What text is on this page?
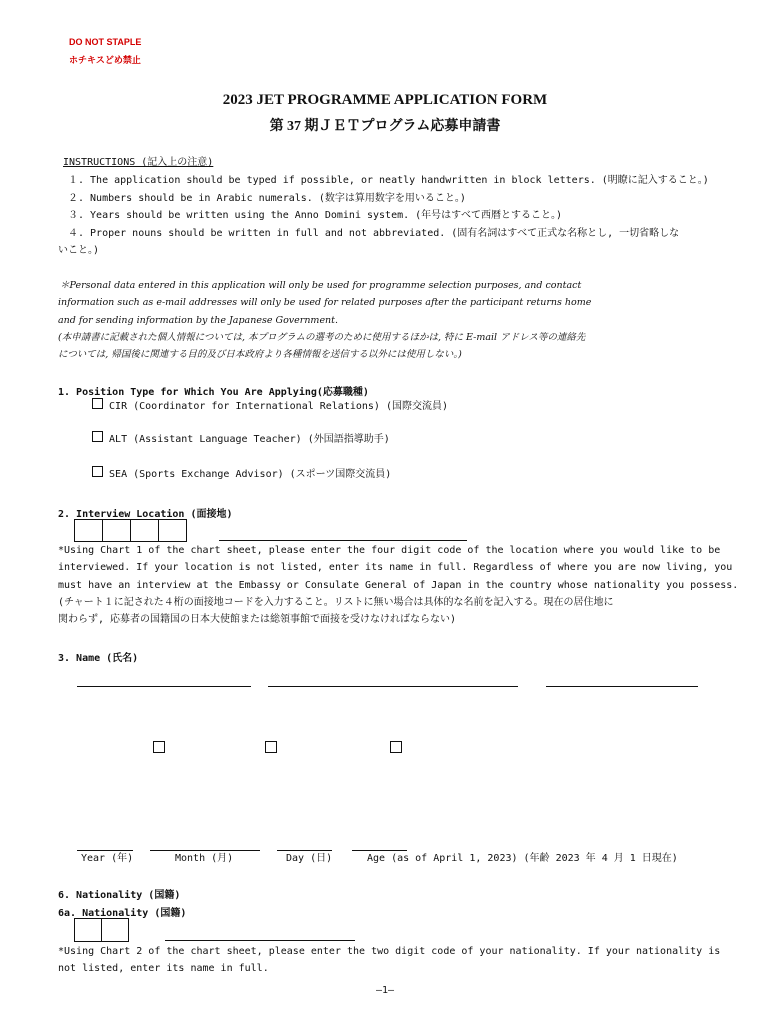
DO NOT STAPLE
ホチキスどめ禁止
2023 JET PROGRAMME APPLICATION FORM
第 37 期ＪＥＴプログラム応募申請書
INSTRUCTIONS (記入上の注意)
１. The application should be typed if possible, or neatly handwritten in block letters. (明瞭に記入すること。)
２. Numbers should be in Arabic numerals. (数字は算用数字を用いること。)
３. Years should be written using the Anno Domini system. (年号はすべて西暦とすること。)
４. Proper nouns should be written in full and not abbreviated. (固有名詞はすべて正式な名称とし, 一切省略しな
いこと。)
＊Personal data entered in this application will only be used for programme selection purposes, and contact
information such as e-mail addresses will only be used for related purposes after the participant returns home
and for sending information by the Japanese Government.
(本申請書に記載された個人情報については, 本プログラムの選考のために使用するほかは, 特に E-mail アドレス等の連絡先
については, 帰国後に関連する目的及び日本政府より各種情報を送信する以外には使用しない。)
1. Position Type for Which You Are Applying(応募職種)
CIR (Coordinator for International Relations) (国際交流員)
ALT (Assistant Language Teacher) (外国語指導助手)
SEA (Sports Exchange Advisor) (スポーツ国際交流員)
2. Interview Location (面接地)
*Using Chart 1 of the chart sheet, please enter the four digit code of the location where you would like to be
interviewed. If your location is not listed, enter its name in full. Regardless of where you are now living, you
must have an interview at the Embassy or Consulate General of Japan in the country whose nationality you possess.
(チャート１に記された４桁の面接地コードを入力すること。リストに無い場合は具体的な名前を記入する。現在の居住地に
関わらず, 応募者の国籍国の日本大使館または総領事館で面接を受けなければならない)
3. Name (氏名)
Year (年)	Month (月)	Day (日)	Age (as of April 1, 2023) (年齢 2023 年 4 月 1 日現在)
6. Nationality (国籍)
6a. Nationality (国籍)
*Using Chart 2 of the chart sheet, please enter the two digit code of your nationality. If your nationality is
not listed, enter its name in full.
―1―
